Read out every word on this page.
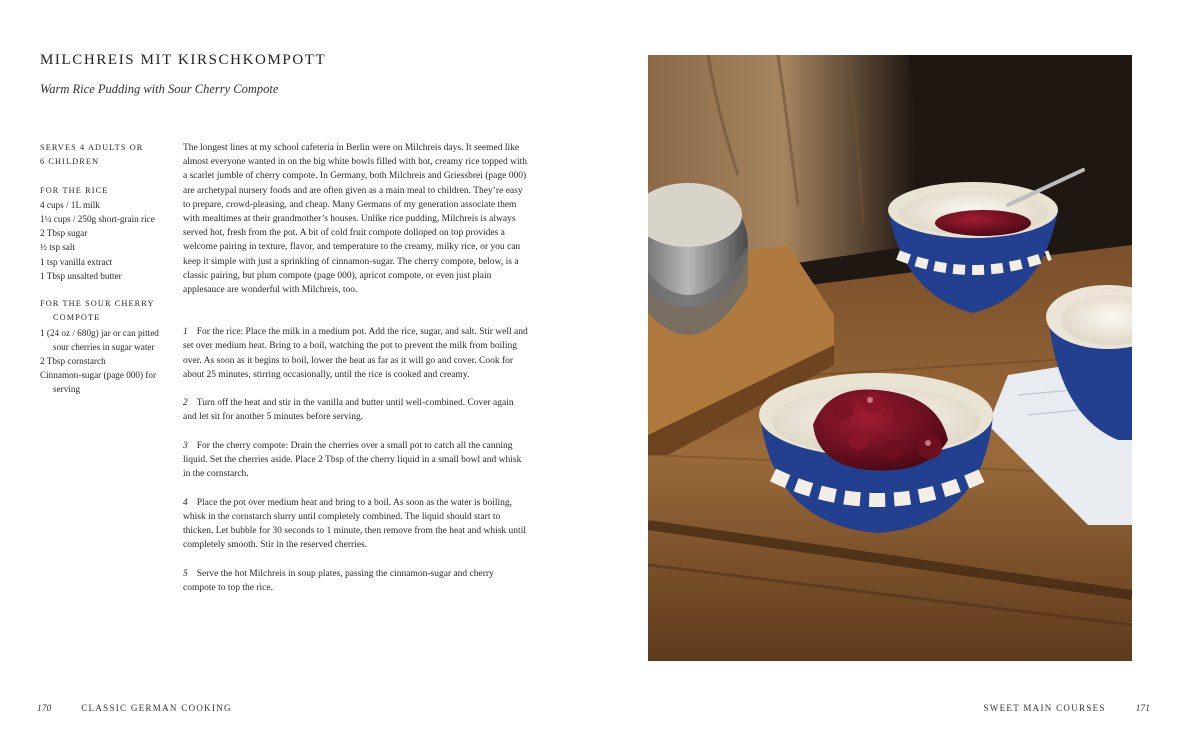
MILCHREIS MIT KIRSCHKOMPOTT
Warm Rice Pudding with Sour Cherry Compote
SERVES 4 ADULTS OR
6 CHILDREN
FOR THE RICE
4 cups / 1L milk
1¼ cups / 250g short-grain rice
2 Tbsp sugar
½ tsp salt
1 tsp vanilla extract
1 Tbsp unsalted butter
FOR THE SOUR CHERRY COMPOTE
1 (24 oz / 680g) jar or can pitted sour cherries in sugar water
2 Tbsp cornstarch
Cinnamon-sugar (page 000) for serving

The longest lines at my school cafeteria in Berlin were on Milchreis days. It seemed like almost everyone wanted in on the big white bowls filled with hot, creamy rice topped with a scarlet jumble of cherry compote. In Germany, both Milchreis and Griessbrei (page 000) are archetypal nursery foods and are often given as a main meal to children. They’re easy to prepare, crowd-pleasing, and cheap. Many Germans of my generation associate them with mealtimes at their grandmother’s houses. Unlike rice pudding, Milchreis is always served hot, fresh from the pot. A bit of cold fruit compote dolloped on top provides a welcome pairing in texture, flavor, and temperature to the creamy, milky rice, or you can keep it simple with just a sprinkling of cinnamon-sugar. The cherry compote, below, is a classic pairing, but plum compote (page 000), apricot compote, or even just plain applesauce are wonderful with Milchreis, too.

1 For the rice: Place the milk in a medium pot. Add the rice, sugar, and salt. Stir well and set over medium heat. Bring to a boil, watching the pot to prevent the milk from boiling over. As soon as it begins to boil, lower the heat as far as it will go and cover. Cook for about 25 minutes, stirring occasionally, until the rice is cooked and creamy.

2 Turn off the heat and stir in the vanilla and butter until well-combined. Cover again and let sit for another 5 minutes before serving.

3 For the cherry compote: Drain the cherries over a small pot to catch all the canning liquid. Set the cherries aside. Place 2 Tbsp of the cherry liquid in a small bowl and whisk in the cornstarch.

4 Place the pot over medium heat and bring to a boil. As soon as the water is boiling, whisk in the cornstarch slurry until completely combined. The liquid should start to thicken. Let bubble for 30 seconds to 1 minute, then remove from the heat and whisk until completely smooth. Stir in the reserved cherries.

5 Serve the hot Milchreis in soup plates, passing the cinnamon-sugar and cherry compote to top the rice.

170	CLASSIC GERMAN COOKING	SWEET MAIN COURSES	171
